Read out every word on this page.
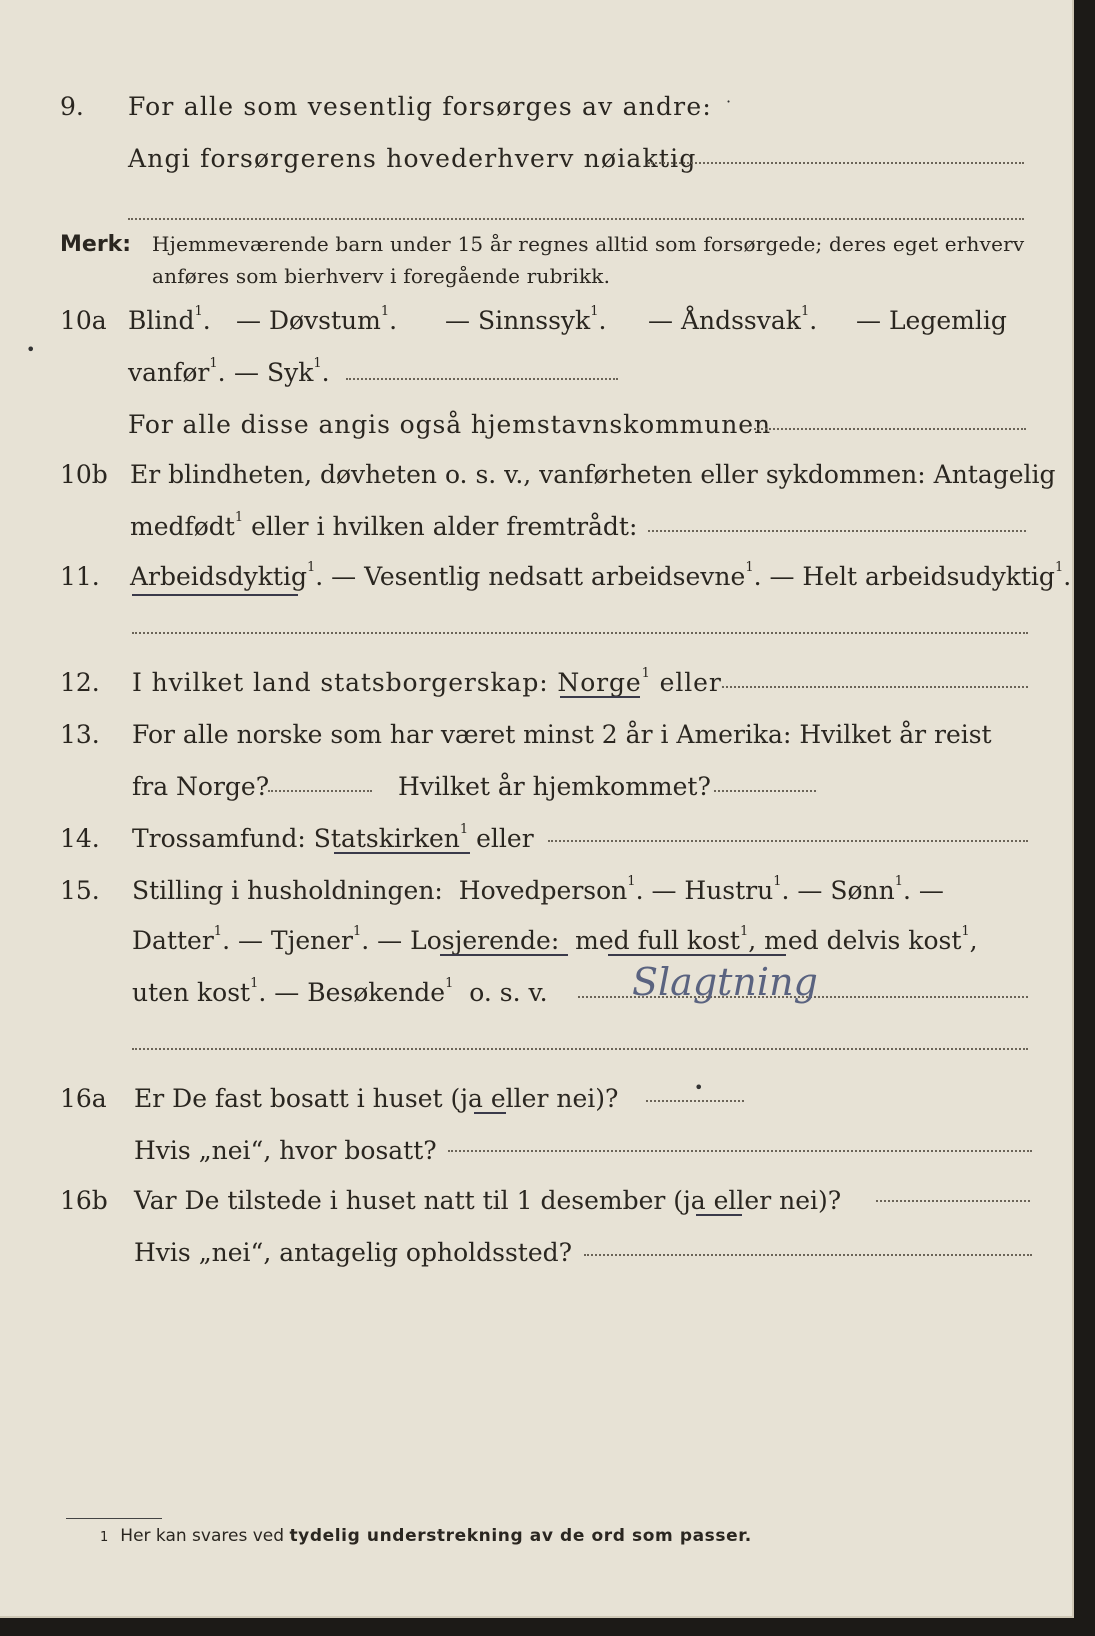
9. For alle som vesentlig forsørges av andre:
Angi forsørgerens hovederhverv nøiaktig
Merk: Hjemmeværende barn under 15 år regnes alltid som forsørgede; deres eget erhverv
anføres som bierhverv i foregående rubrikk.
10a Blind$^1$. — Døvstum$^1$. — Sinnssyk$^1$. — Åndssvak$^1$. — Legemlig
vanfør$^1$. — Syk$^1$.
For alle disse angis også hjemstavnskommunen
10b Er blindheten, døvheten o. s. v., vanførheten eller sykdommen: Antagelig
medfødt$^1$ eller i hvilken alder fremtrådt:
11. Arbeidsdyktig$^1$. — Vesentlig nedsatt arbeidsevne$^1$. — Helt arbeidsudyktig$^1$.
12. I hvilket land statsborgerskap: Norge$^1$ eller
13. For alle norske som har været minst 2 år i Amerika: Hvilket år reist
fra Norge?	Hvilket år hjemkommet?
14. Trossamfund: Statskirken$^1$ eller
15. Stilling i husholdningen: Hovedperson$^1$. — Hustru$^1$. — Sønn$^1$. —
Datter$^1$. — Tjener$^1$. — Losjerende: med full kost$^1$, med delvis kost$^1$,
uten kost$^1$. — Besøkende$^1$ o. s. v. Slagtning
16a Er De fast bosatt i huset (ja eller nei)?
Hvis „nei“, hvor bosatt?
16b Var De tilstede i huset natt til 1 desember (ja eller nei)?
Hvis „nei“, antagelig opholdssted?
1 Her kan svares ved tydelig understrekning av de ord som passer.
·
•
•
